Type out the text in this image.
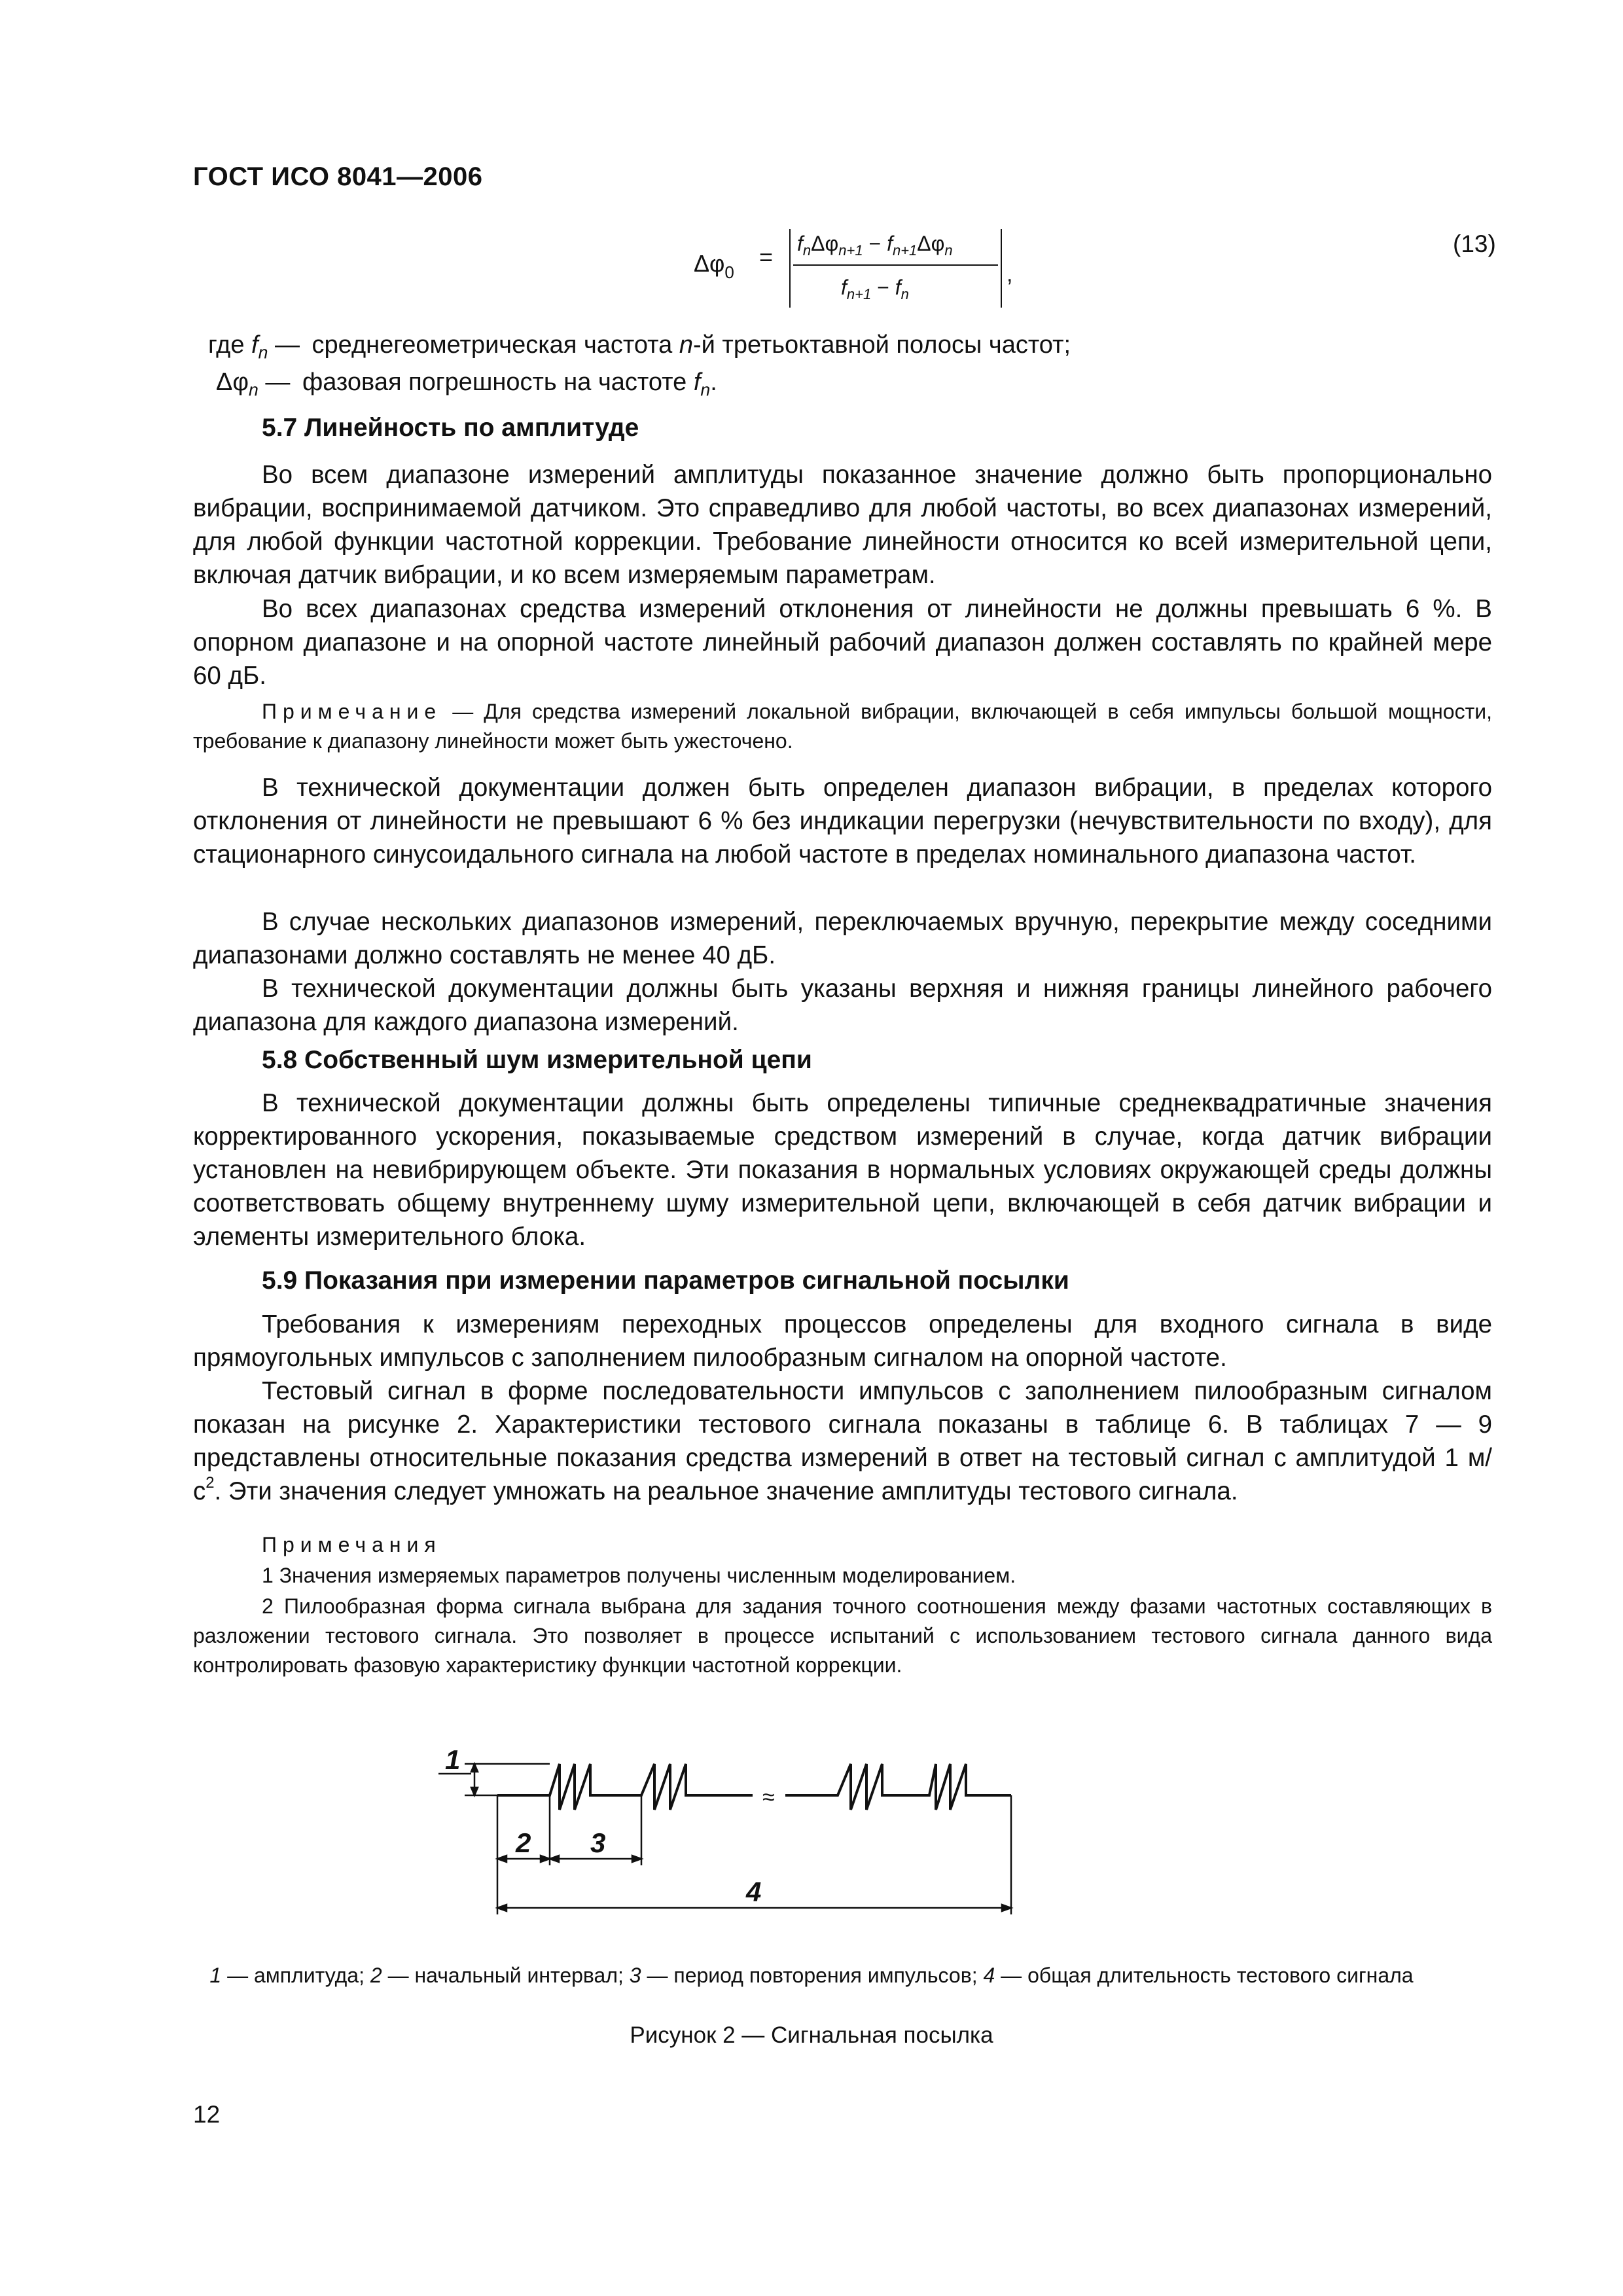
ГОСТ ИСО 8041—2006
$\Delta\varphi_0$
= $f_n\Delta\varphi_{n+1} - f_{n+1}\Delta\varphi_n$
$f_{n+1} - f_n$
,
(13)
где $f_n$ — среднегеометрическая частота n-й третьоктавной полосы частот;
$\Delta\varphi_n$ — фазовая погрешность на частоте $f_n$.
5.7 Линейность по амплитуде
Во всем диапазоне измерений амплитуды показанное значение должно быть пропорционально вибрации, воспринимаемой датчиком. Это справедливо для любой частоты, во всех диапазонах измерений, для любой функции частотной коррекции. Требование линейности относится ко всей измерительной цепи, включая датчик вибрации, и ко всем измеряемым параметрам.
Во всех диапазонах средства измерений отклонения от линейности не должны превышать 6 %. В опорном диапазоне и на опорной частоте линейный рабочий диапазон должен составлять по крайней мере 60 дБ.
Примечание — Для средства измерений локальной вибрации, включающей в себя импульсы большой мощности, требование к диапазону линейности может быть ужесточено.
В технической документации должен быть определен диапазон вибрации, в пределах которого отклонения от линейности не превышают 6 % без индикации перегрузки (нечувствительности по входу), для стационарного синусоидального сигнала на любой частоте в пределах номинального диапазона частот.
В случае нескольких диапазонов измерений, переключаемых вручную, перекрытие между соседними диапазонами должно составлять не менее 40 дБ.
В технической документации должны быть указаны верхняя и нижняя границы линейного рабочего диапазона для каждого диапазона измерений.
5.8 Собственный шум измерительной цепи
В технической документации должны быть определены типичные среднеквадратичные значения корректированного ускорения, показываемые средством измерений в случае, когда датчик вибрации установлен на невибрирующем объекте. Эти показания в нормальных условиях окружающей среды должны соответствовать общему внутреннему шуму измерительной цепи, включающей в себя датчик вибрации и элементы измерительного блока.
5.9 Показания при измерении параметров сигнальной посылки
Требования к измерениям переходных процессов определены для входного сигнала в виде прямоугольных импульсов с заполнением пилообразным сигналом на опорной частоте.
Тестовый сигнал в форме последовательности импульсов с заполнением пилообразным сигналом показан на рисунке 2. Характеристики тестового сигнала показаны в таблице 6. В таблицах 7 — 9 представлены относительные показания средства измерений в ответ на тестовый сигнал с амплитудой 1 $м/с^2$. Эти значения следует умножать на реальное значение амплитуды тестового сигнала.
Примечания
1 Значения измеряемых параметров получены численным моделированием.
2 Пилообразная форма сигнала выбрана для задания точного соотношения между фазами частотных составляющих в разложении тестового сигнала. Это позволяет в процессе испытаний с использованием тестового сигнала данного вида контролировать фазовую характеристику функции частотной коррекции.
≈
1
2 3
4
1 — амплитуда; 2 — начальный интервал; 3 — период повторения импульсов; 4 — общая длительность тестового сигнала
Рисунок 2 — Сигнальная посылка
12
